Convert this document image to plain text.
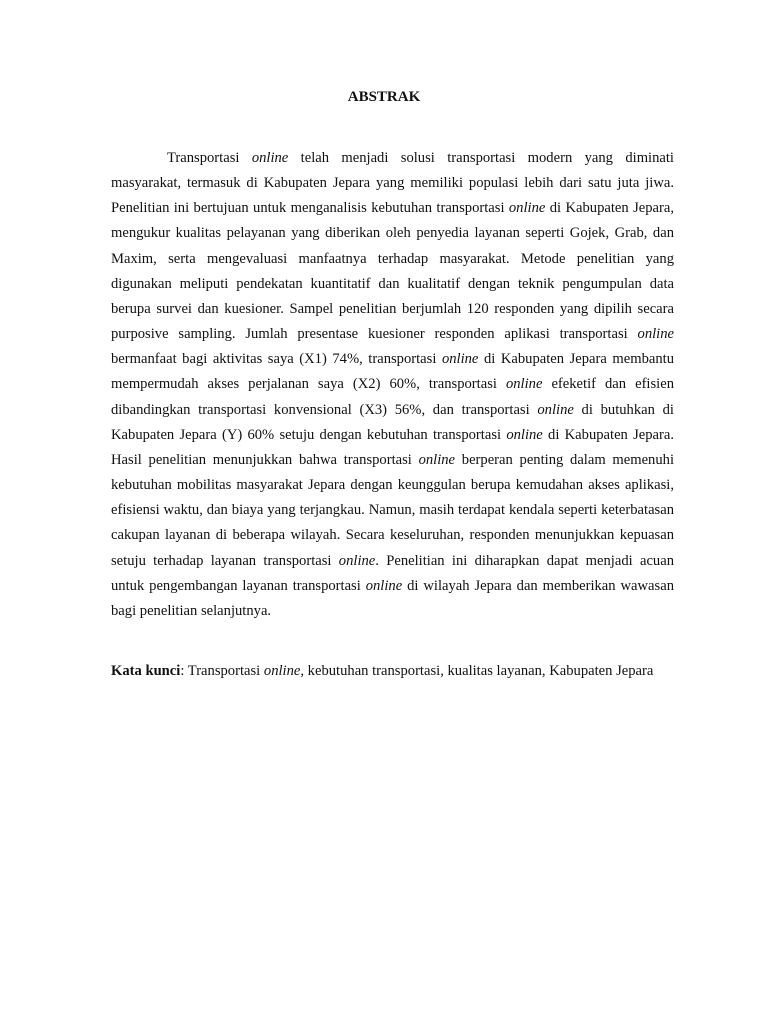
ABSTRAK

Transportasi online telah menjadi solusi transportasi modern yang diminati masyarakat, termasuk di Kabupaten Jepara yang memiliki populasi lebih dari satu juta jiwa. Penelitian ini bertujuan untuk menganalisis kebutuhan transportasi online di Kabupaten Jepara, mengukur kualitas pelayanan yang diberikan oleh penyedia layanan seperti Gojek, Grab, dan Maxim, serta mengevaluasi manfaatnya terhadap masyarakat. Metode penelitian yang digunakan meliputi pendekatan kuantitatif dan kualitatif dengan teknik pengumpulan data berupa survei dan kuesioner. Sampel penelitian berjumlah 120 responden yang dipilih secara purposive sampling. Jumlah presentase kuesioner responden aplikasi transportasi online bermanfaat bagi aktivitas saya (X1) 74%, transportasi online di Kabupaten Jepara membantu mempermudah akses perjalanan saya (X2) 60%, transportasi online efeketif dan efisien dibandingkan transportasi konvensional (X3) 56%, dan transportasi online di butuhkan di Kabupaten Jepara (Y) 60% setuju dengan kebutuhan transportasi online di Kabupaten Jepara. Hasil penelitian menunjukkan bahwa transportasi online berperan penting dalam memenuhi kebutuhan mobilitas masyarakat Jepara dengan keunggulan berupa kemudahan akses aplikasi, efisiensi waktu, dan biaya yang terjangkau. Namun, masih terdapat kendala seperti keterbatasan cakupan layanan di beberapa wilayah. Secara keseluruhan, responden menunjukkan kepuasan setuju terhadap layanan transportasi online. Penelitian ini diharapkan dapat menjadi acuan untuk pengembangan layanan transportasi online di wilayah Jepara dan memberikan wawasan bagi penelitian selanjutnya.

Kata kunci: Transportasi online, kebutuhan transportasi, kualitas layanan, Kabupaten Jepara
